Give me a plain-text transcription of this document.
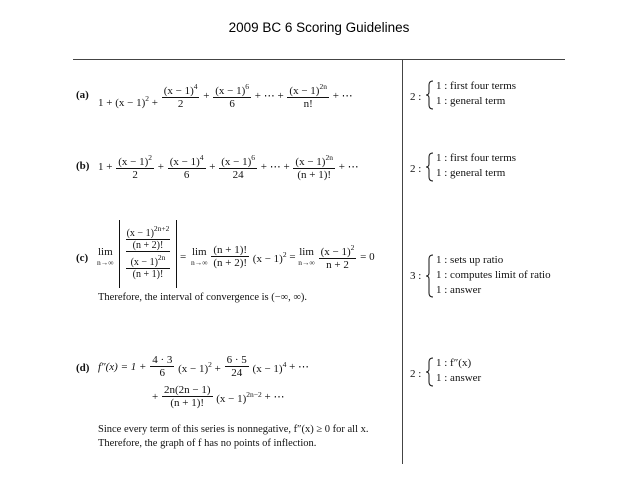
2009 BC 6 Scoring Guidelines
(a)
$1 + (x - 1)^2 + \frac{(x - 1)^4}{2} + \frac{(x - 1)^6}{6}$ + ⋯ + $\frac{(x - 1)^{2n}}{n!}$ + ⋯	2 :
1 : first four terms
1 : general term
(b) $1 + \frac{(x - 1)^2}{2} + \frac{(x - 1)^4}{6} + \frac{(x - 1)^6}{24}$ + ⋯ + $\frac{(x - 1)^{2n}}{(n + 1)!}$ + ⋯	2 :
1 : first four terms
1 : general term
(c) lim
n→∞
$(x - 1)^{2n+2}$
(n + 2)!
$(x - 1)^{2n}$
(n + 1)!
= lim
n→∞
$\frac{(n + 1)!}{(n + 2)!} (x - 1)^2 = \lim$
n→∞
$\frac{(x - 1)^2}{n + 2} = 0$
Therefore, the interval of convergence is (−∞, ∞).
3 :
1 : sets up ratio
1 : computes limit of ratio
1 : answer
(d) $f''(x) = 1 + \frac{4 \cdot 3}{6} (x - 1)^2 + \frac{6 \cdot 5}{24} (x - 1)^4$ + ⋯
+ $\frac{2n(2n - 1)}{(n + 1)!} (x - 1)^{2n-2}$ + ⋯
Since every term of this series is nonnegative, f″(x) ≥ 0 for all x.
Therefore, the graph of f has no points of inflection.
2 :
1 : f″(x)
1 : answer
